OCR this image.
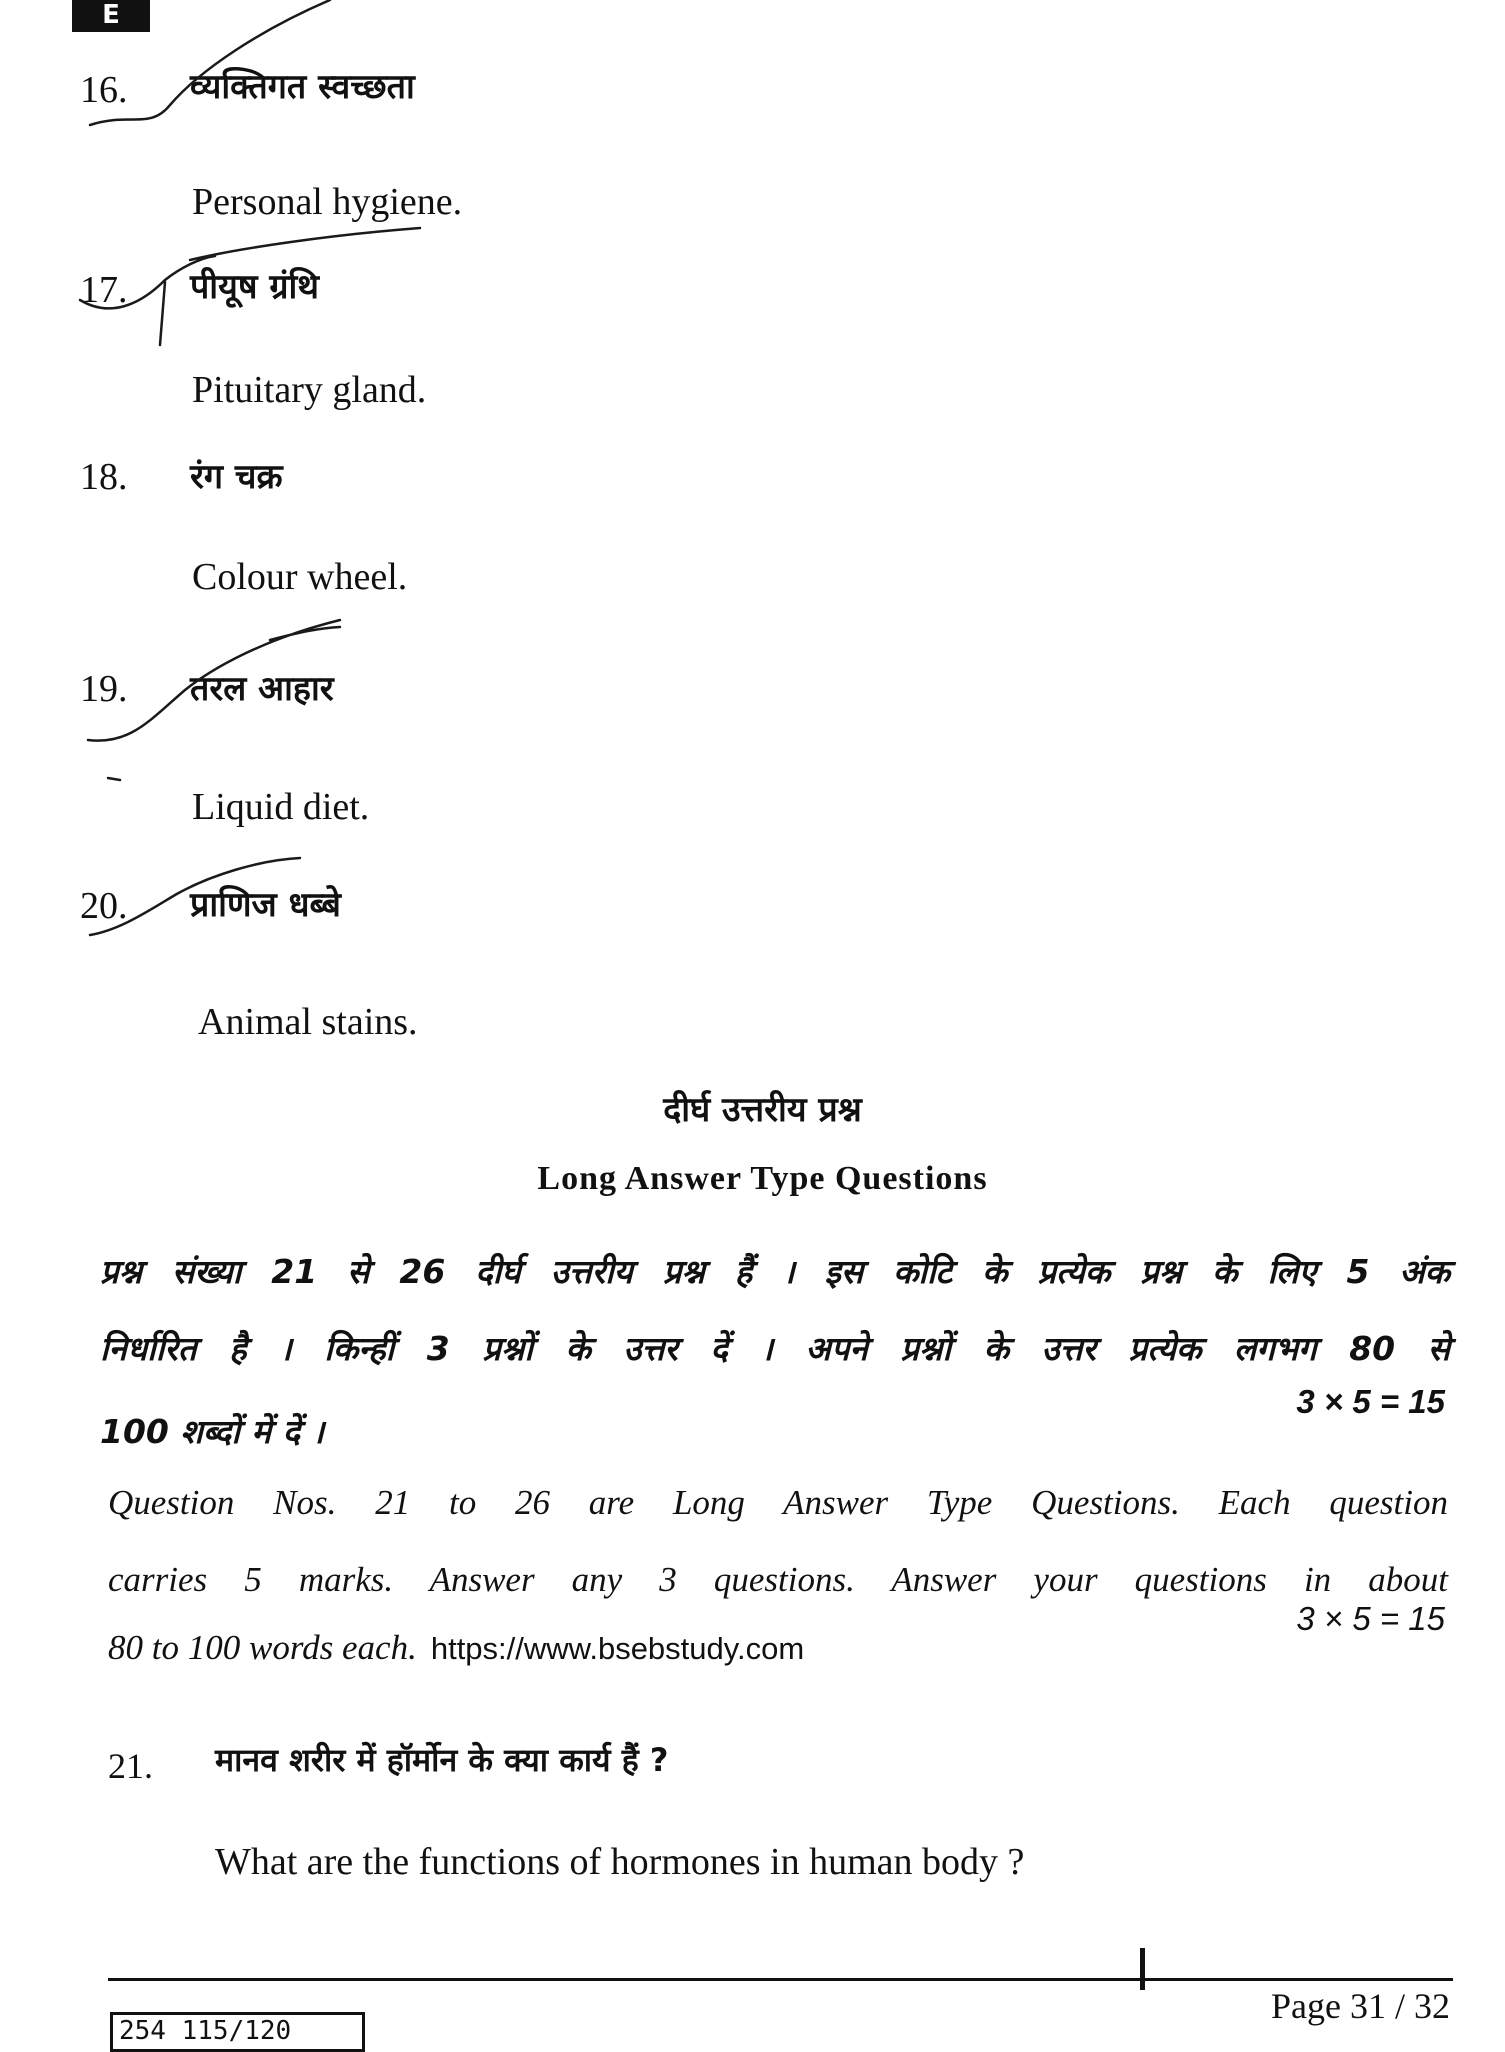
E
16. व्यक्तिगत स्वच्छता
Personal hygiene.
17. पीयूष ग्रंथि
Pituitary gland.
18. रंग चक्र
Colour wheel.
19. तरल आहार
Liquid diet.
20. प्राणिज धब्बे
Animal stains.
दीर्घ उत्तरीय प्रश्न
Long Answer Type Questions
प्रश्न संख्या 21 से 26 दीर्घ उत्तरीय प्रश्न हैं । इस कोटि के प्रत्येक प्रश्न के लिए 5 अंक
निर्धारित है । किन्हीं 3 प्रश्नों के उत्तर दें । अपने प्रश्नों के उत्तर प्रत्येक लगभग 80 से
100 शब्दों में दें ।
3 × 5 = 15
Question Nos. 21 to 26 are Long Answer Type Questions. Each question
carries 5 marks. Answer any 3 questions. Answer your questions in about
80 to 100 words each. https://www.bsebstudy.com
3 × 5 = 15
21. मानव शरीर में हॉर्मोन के क्या कार्य हैं ?
What are the functions of hormones in human body ?
Page 31 / 32
254 115/120
